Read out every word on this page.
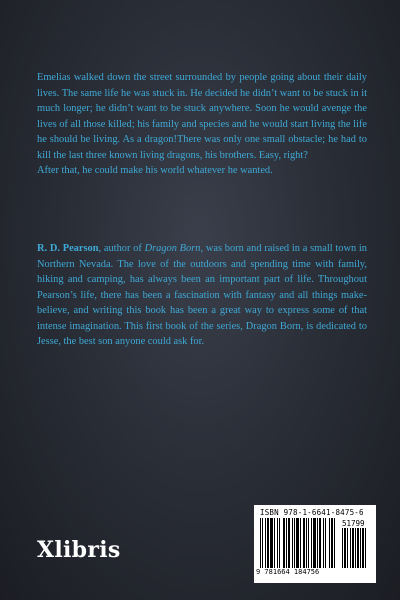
Emelias walked down the street surrounded by people going about their daily lives. The same life he was stuck in. He decided he didn’t want to be stuck in it much longer; he didn’t want to be stuck anywhere. Soon he would avenge the lives of all those killed; his family and species and he would start living the life he should be living. As a dragon!There was only one small obstacle; he had to kill the last three known living dragons, his brothers. Easy, right?

After that, he could make his world whatever he wanted.

R. D. Pearson, author of Dragon Born, was born and raised in a small town in Northern Nevada. The love of the outdoors and spending time with family, hiking and camping, has always been an important part of life. Throughout Pearson’s life, there has been a fascination with fantasy and all things make-believe, and writing this book has been a great way to express some of that intense imagination. This first book of the series, Dragon Born, is dedicated to Jesse, the best son anyone could ask for.
Xlibris
ISBN 978-1-6641-8475-6
51799
9 781664 184756
